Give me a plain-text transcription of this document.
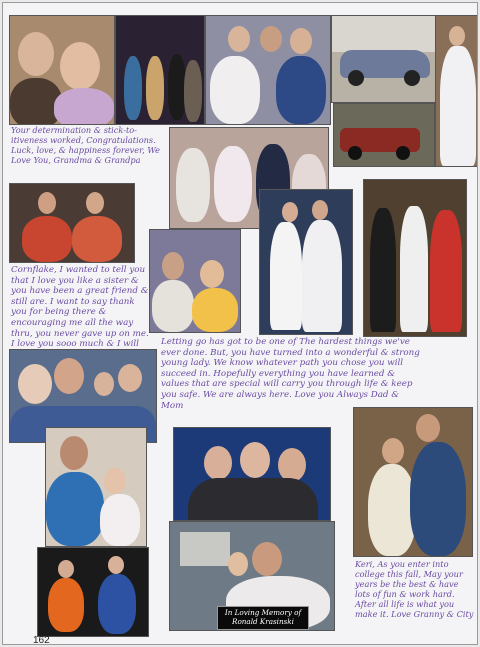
Your determination & stick-to-itiveness worked, Congratulations. Luck, love, & happiness forever, We Love You, Grandma & Grandpa
Cornflake, I wanted to tell you that I love you like a sister & you have been a great friend & still are. I want to say thank you for being there & encouraging me all the way thru, you never gave up on me. I love you sooo much & I will	Letting go has got to be one of The hardest things we've ever done. But, you have turned into a wonderful & strong young lady. We know whatever path you chose you will succeed in. Hopefully everything you have learned & values that are special will carry you through life & keep you safe. We are always here. Love you Always Dad & Mom
Keri, As you enter into college this fall, May your years be the best & have lots of fun & work hard. After all life is what you make it. Love Granny & City
In Loving Memory of
Ronald Krasinski
162
